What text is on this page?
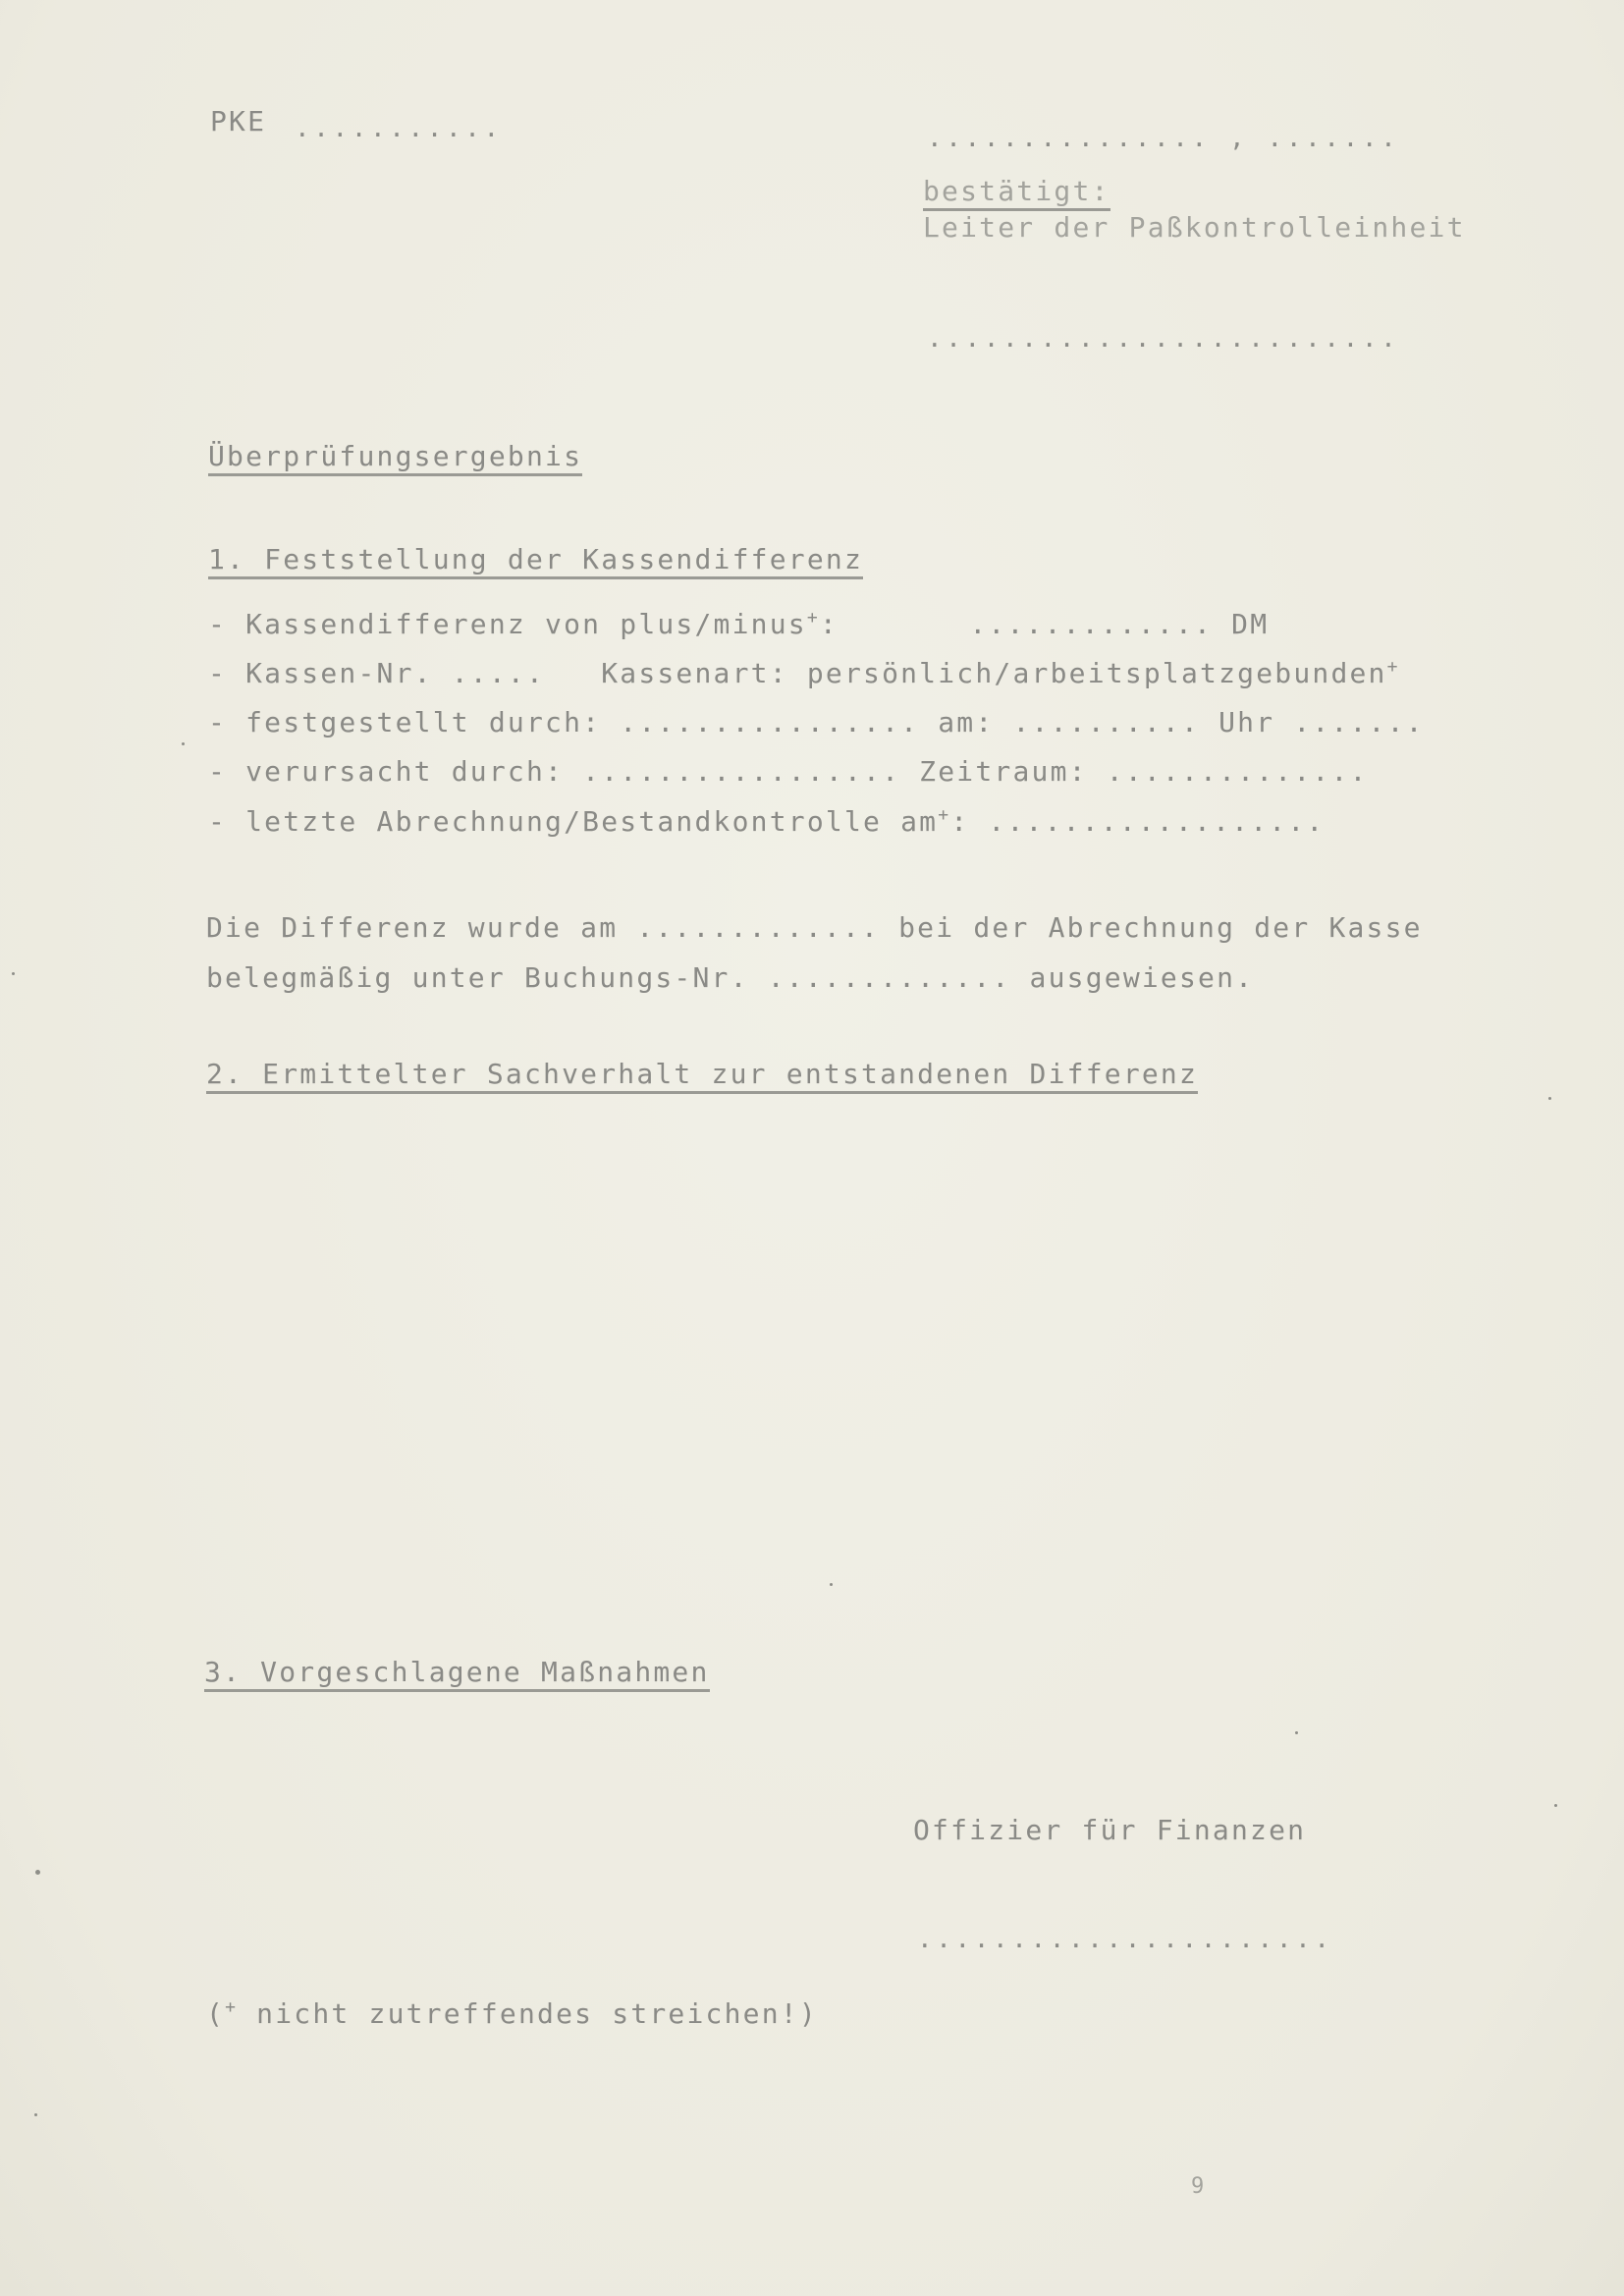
PKE ...........	............... , .......
bestätigt:
Leiter der Paßkontrolleinheit
.........................
Überprüfungsergebnis
1. Feststellung der Kassendifferenz
- Kassendifferenz von plus/minus+:       ............. DM
- Kassen-Nr. .....   Kassenart: persönlich/arbeitsplatzgebunden+
- festgestellt durch: ................ am: .......... Uhr .......
- verursacht durch: ................. Zeitraum: ..............
- letzte Abrechnung/Bestandkontrolle am+: ..................
Die Differenz wurde am ............. bei der Abrechnung der Kasse
belegmäßig unter Buchungs-Nr. ............. ausgewiesen.
2. Ermittelter Sachverhalt zur entstandenen Differenz
3. Vorgeschlagene Maßnahmen
Offizier für Finanzen
......................
(+ nicht zutreffendes streichen!)
9
